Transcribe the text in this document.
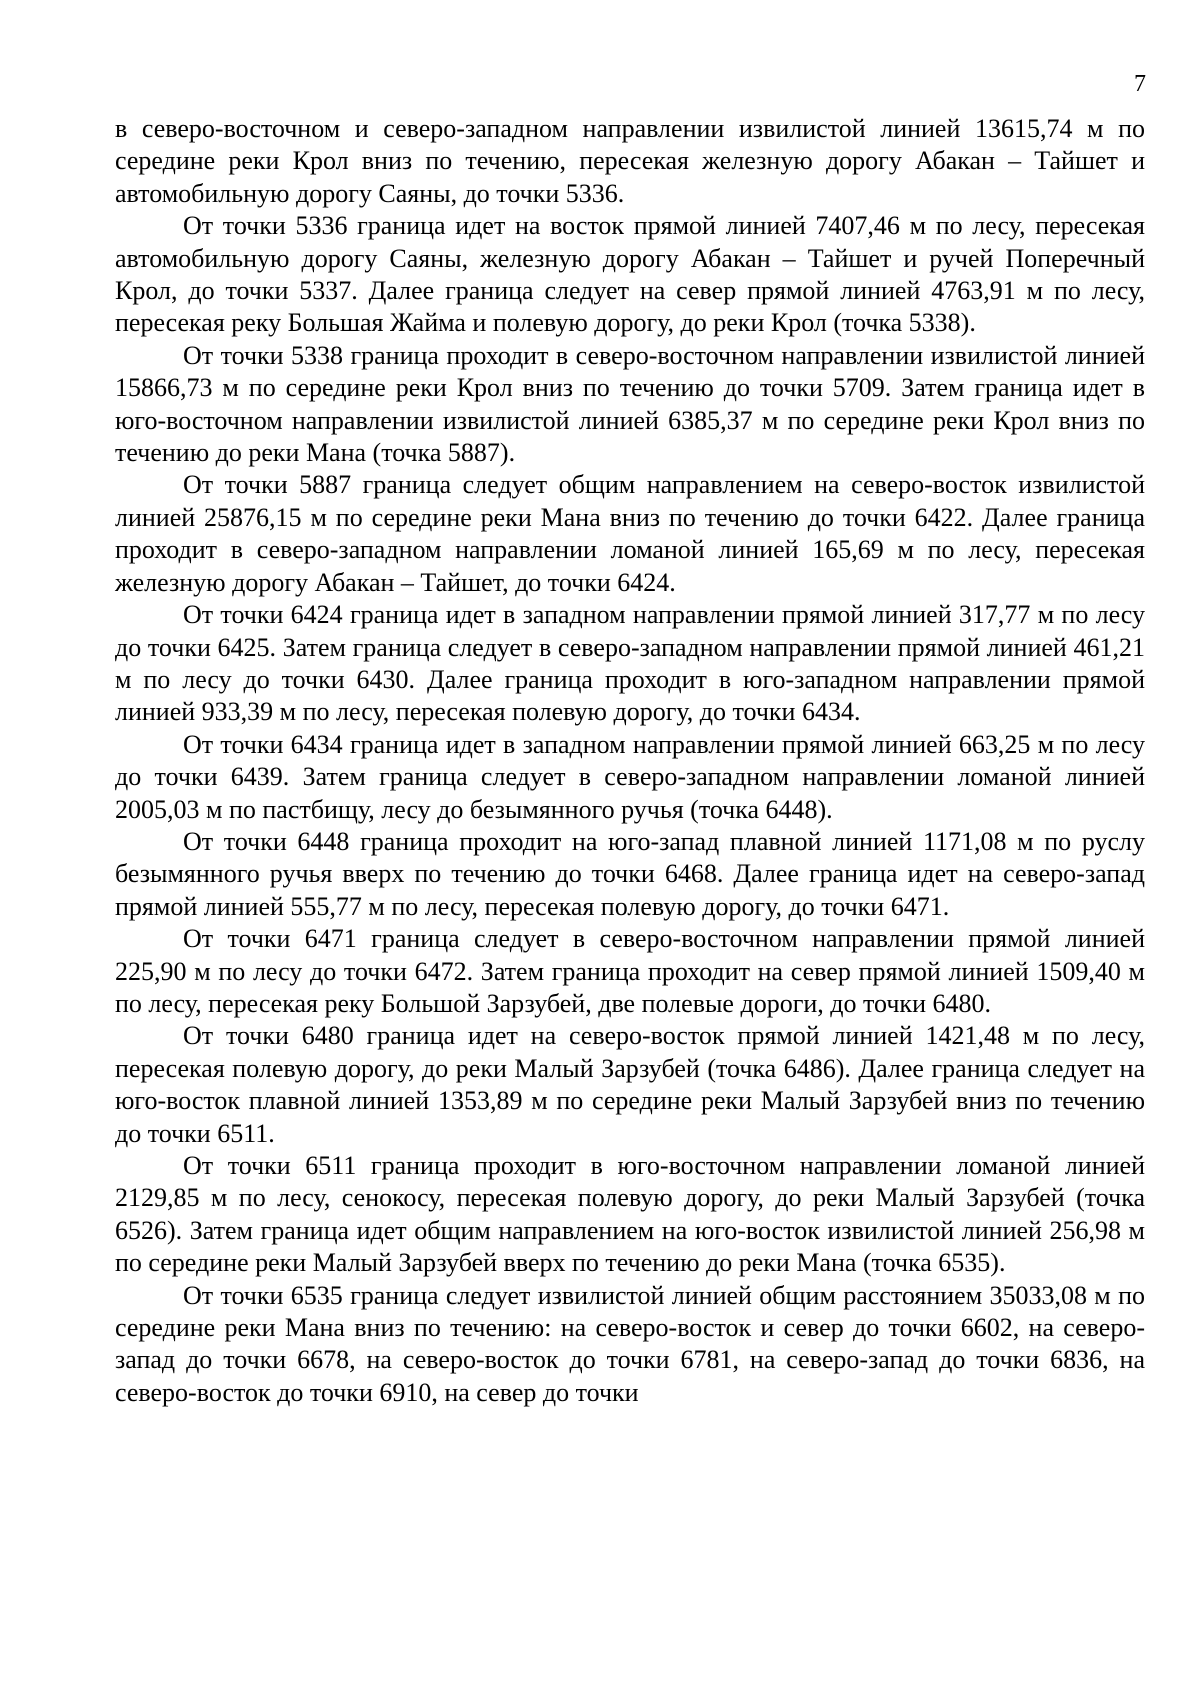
7

в северо-восточном и северо-западном направлении извилистой линией 13615,74 м по середине реки Крол вниз по течению, пересекая железную дорогу Абакан – Тайшет и автомобильную дорогу Саяны, до точки 5336.

От точки 5336 граница идет на восток прямой линией 7407,46 м по лесу, пересекая автомобильную дорогу Саяны, железную дорогу Абакан – Тайшет и ручей Поперечный Крол, до точки 5337. Далее граница следует на север прямой линией 4763,91 м по лесу, пересекая реку Большая Жайма и полевую дорогу, до реки Крол (точка 5338).

От точки 5338 граница проходит в северо-восточном направлении извилистой линией 15866,73 м по середине реки Крол вниз по течению до точки 5709. Затем граница идет в юго-восточном направлении извилистой линией 6385,37 м по середине реки Крол вниз по течению до реки Мана (точка 5887).

От точки 5887 граница следует общим направлением на северо-восток извилистой линией 25876,15 м по середине реки Мана вниз по течению до точки 6422. Далее граница проходит в северо-западном направлении ломаной линией 165,69 м по лесу, пересекая железную дорогу Абакан – Тайшет, до точки 6424.

От точки 6424 граница идет в западном направлении прямой линией 317,77 м по лесу до точки 6425. Затем граница следует в северо-западном направлении прямой линией 461,21 м по лесу до точки 6430. Далее граница проходит в юго-западном направлении прямой линией 933,39 м по лесу, пересекая полевую дорогу, до точки 6434.

От точки 6434 граница идет в западном направлении прямой линией 663,25 м по лесу до точки 6439. Затем граница следует в северо-западном направлении ломаной линией 2005,03 м по пастбищу, лесу до безымянного ручья (точка 6448).

От точки 6448 граница проходит на юго-запад плавной линией 1171,08 м по руслу безымянного ручья вверх по течению до точки 6468. Далее граница идет на северо-запад прямой линией 555,77 м по лесу, пересекая полевую дорогу, до точки 6471.

От точки 6471 граница следует в северо-восточном направлении прямой линией 225,90 м по лесу до точки 6472. Затем граница проходит на север прямой линией 1509,40 м по лесу, пересекая реку Большой Зарзубей, две полевые дороги, до точки 6480.

От точки 6480 граница идет на северо-восток прямой линией 1421,48 м по лесу, пересекая полевую дорогу, до реки Малый Зарзубей (точка 6486). Далее граница следует на юго-восток плавной линией 1353,89 м по середине реки Малый Зарзубей вниз по течению до точки 6511.

От точки 6511 граница проходит в юго-восточном направлении ломаной линией 2129,85 м по лесу, сенокосу, пересекая полевую дорогу, до реки Малый Зарзубей (точка 6526). Затем граница идет общим направлением на юго-восток извилистой линией 256,98 м по середине реки Малый Зарзубей вверх по течению до реки Мана (точка 6535).

От точки 6535 граница следует извилистой линией общим расстоянием 35033,08 м по середине реки Мана вниз по течению: на северо-восток и север до точки 6602, на северо-запад до точки 6678, на северо-восток до точки 6781, на северо-запад до точки 6836, на северо-восток до точки 6910, на север до точки
